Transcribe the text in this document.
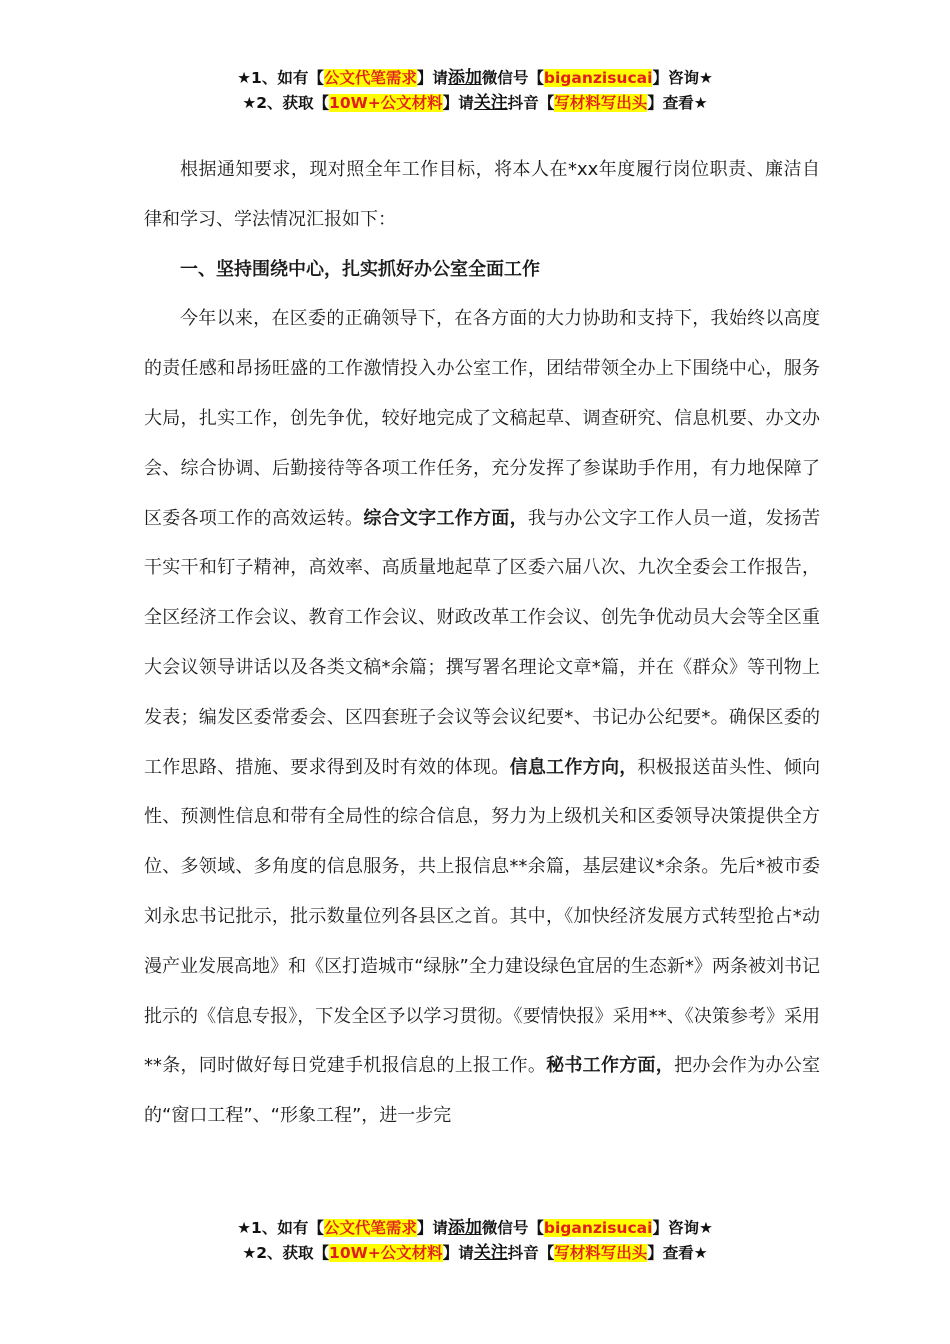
★1、如有【公文代笔需求】请添加微信号【biganzisucai】咨询★
★2、获取【10W+公文材料】请关注抖音【写材料写出头】查看★

根据通知要求，现对照全年工作目标，将本人在*xx年度履行岗位职责、廉洁自律和学习、学法情况汇报如下：

一、坚持围绕中心，扎实抓好办公室全面工作

今年以来，在区委的正确领导下，在各方面的大力协助和支持下，我始终以高度的责任感和昂扬旺盛的工作激情投入办公室工作，团结带领全办上下围绕中心，服务大局，扎实工作，创先争优，较好地完成了文稿起草、调查研究、信息机要、办文办会、综合协调、后勤接待等各项工作任务，充分发挥了参谋助手作用，有力地保障了区委各项工作的高效运转。综合文字工作方面，我与办公文字工作人员一道，发扬苦干实干和钉子精神，高效率、高质量地起草了区委六届八次、九次全委会工作报告，全区经济工作会议、教育工作会议、财政改革工作会议、创先争优动员大会等全区重大会议领导讲话以及各类文稿*余篇；撰写署名理论文章*篇，并在《群众》等刊物上发表；编发区委常委会、区四套班子会议等会议纪要*、书记办公纪要*。确保区委的工作思路、措施、要求得到及时有效的体现。信息工作方向，积极报送苗头性、倾向性、预测性信息和带有全局性的综合信息，努力为上级机关和区委领导决策提供全方位、多领域、多角度的信息服务，共上报信息**余篇，基层建议*余条。先后*被市委刘永忠书记批示，批示数量位列各县区之首。其中，《加快经济发展方式转型抢占*动漫产业发展高地》和《区打造城市“绿脉”全力建设绿色宜居的生态新*》两条被刘书记批示的《信息专报》，下发全区予以学习贯彻。《要情快报》采用**、《决策参考》采用**条，同时做好每日党建手机报信息的上报工作。秘书工作方面，把办会作为办公室的“窗口工程”、“形象工程”，进一步完

★1、如有【公文代笔需求】请添加微信号【biganzisucai】咨询★
★2、获取【10W+公文材料】请关注抖音【写材料写出头】查看★
